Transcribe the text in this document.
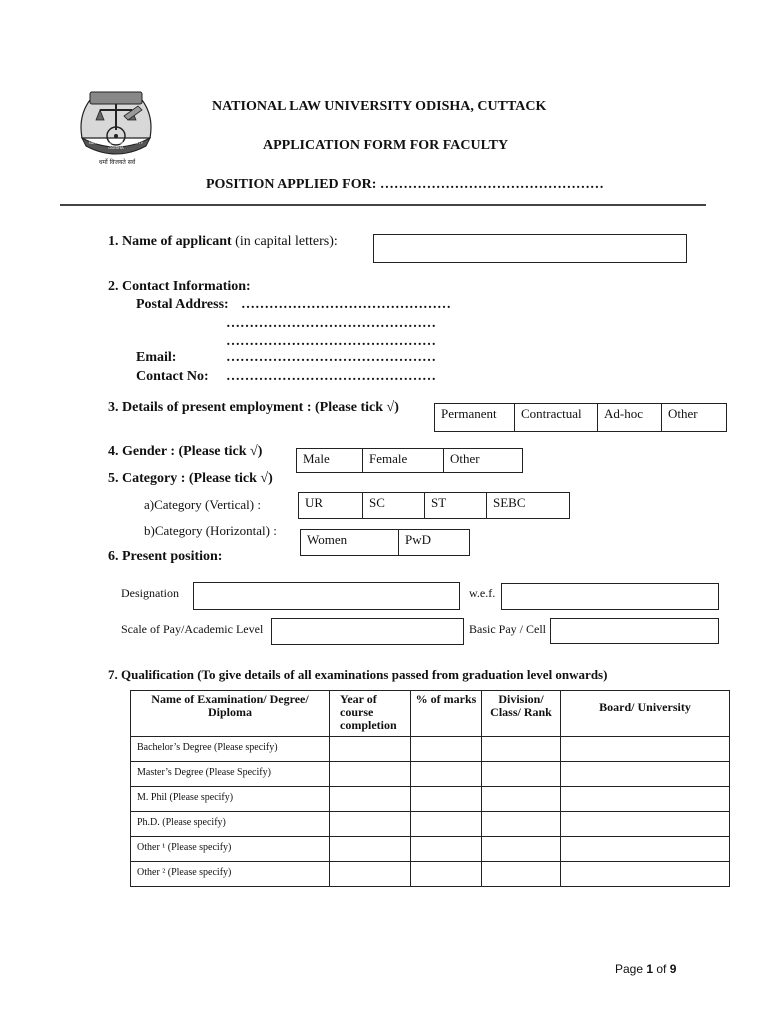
NATIONAL LAW UNIVERSITY ODISHA
धर्मो विजयते सर्वं
NATIONAL LAW UNIVERSITY ODISHA, CUTTACK
APPLICATION FORM FOR FACULTY
POSITION APPLIED FOR: …………………………………………
1. Name of applicant (in capital letters):
2. Contact Information:
Postal Address: ………………………………………
………………………………………
………………………………………
Email:	………………………………………
Contact No: ………………………………………
3. Details of present employment : (Please tick √)	Permanent	Contractual	Ad-hoc	Other
4. Gender : (Please tick √)	Male	Female	Other
5. Category : (Please tick √)
a)Category (Vertical) :	UR	SC	ST	SEBC
b)Category (Horizontal) :
Women	PwD
6. Present position:
Designation	w.e.f.
Scale of Pay/Academic Level	Basic Pay / Cell
7. Qualification (To give details of all examinations passed from graduation level onwards)
Name of Examination/ Degree/ Diploma	Year of course completion	% of marks	Division/ Class/ Rank	Board/ University
Bachelor’s Degree (Please specify)				
Master’s Degree (Please Specify)				
M. Phil (Please specify)				
Ph.D. (Please specify)				
Other ¹ (Please specify)				
Other ² (Please specify)				
Page 1 of 9
